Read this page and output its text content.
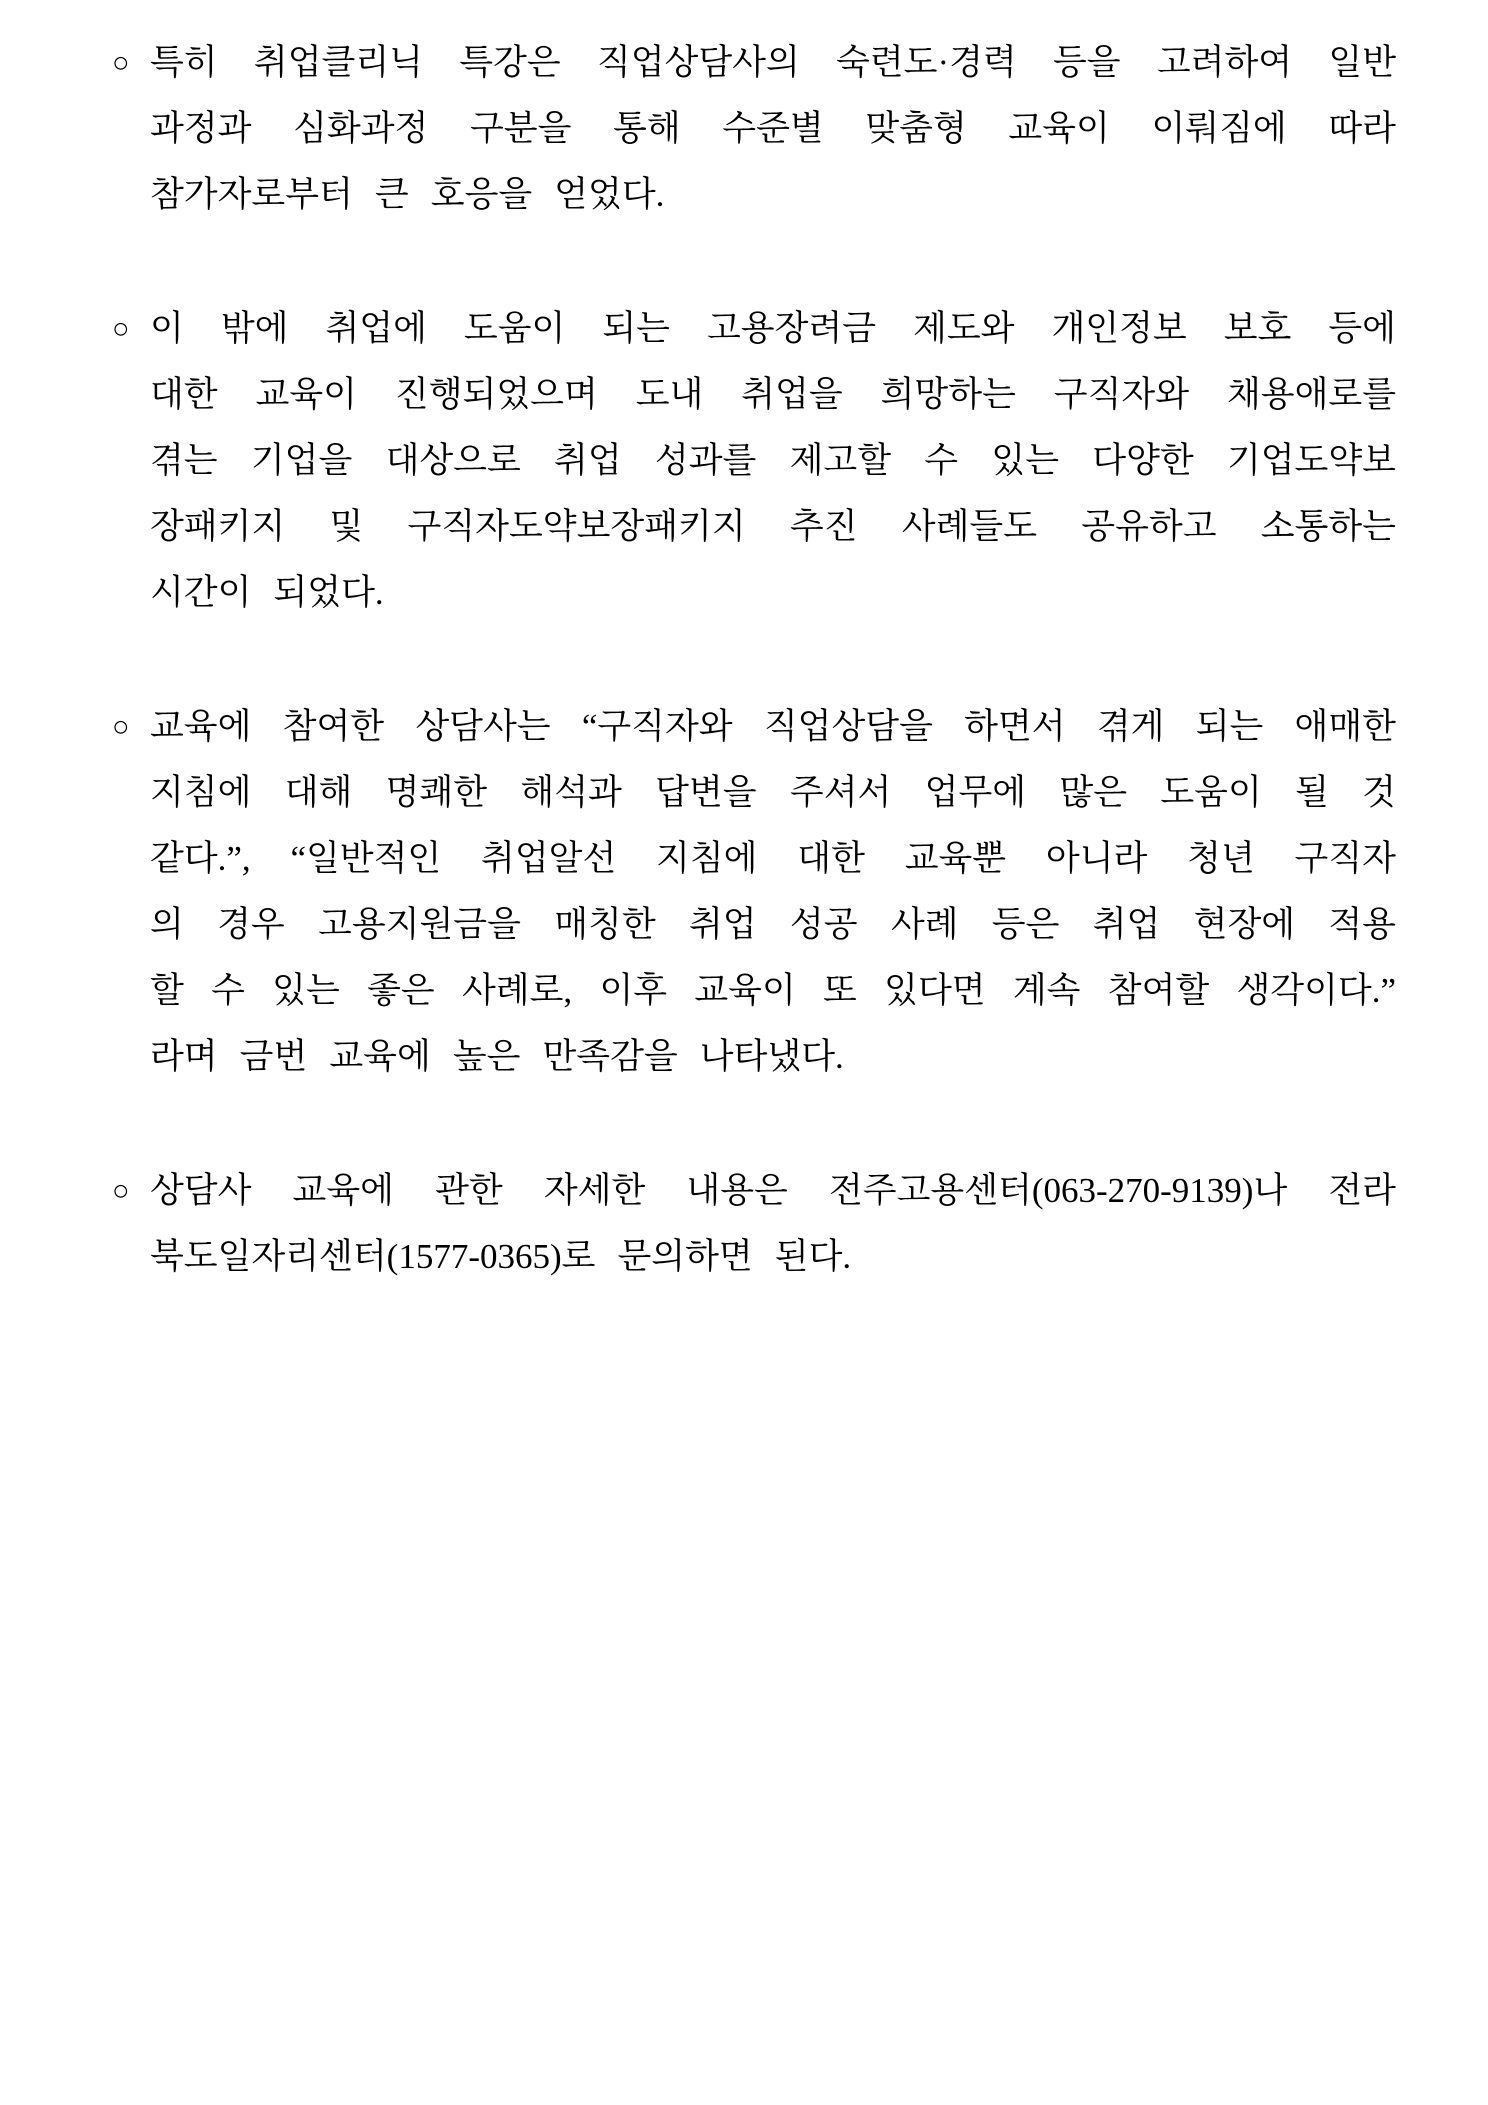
○ 특히 취업클리닉 특강은 직업상담사의 숙련도·경력 등을 고려하여 일반
과정과 심화과정 구분을 통해 수준별 맞춤형 교육이 이뤄짐에 따라
참가자로부터 큰 호응을 얻었다.
○ 이 밖에 취업에 도움이 되는 고용장려금 제도와 개인정보 보호 등에
대한 교육이 진행되었으며 도내 취업을 희망하는 구직자와 채용애로를
겪는 기업을 대상으로 취업 성과를 제고할 수 있는 다양한 기업도약보
장패키지 및 구직자도약보장패키지 추진 사례들도 공유하고 소통하는
시간이 되었다.
○ 교육에 참여한 상담사는 “구직자와 직업상담을 하면서 겪게 되는 애매한
지침에 대해 명쾌한 해석과 답변을 주셔서 업무에 많은 도움이 될 것
같다.”, “일반적인 취업알선 지침에 대한 교육뿐 아니라 청년 구직자
의 경우 고용지원금을 매칭한 취업 성공 사례 등은 취업 현장에 적용
할 수 있는 좋은 사례로, 이후 교육이 또 있다면 계속 참여할 생각이다.”
라며 금번 교육에 높은 만족감을 나타냈다.
○ 상담사 교육에 관한 자세한 내용은 전주고용센터(063-270-9139)나 전라
북도일자리센터(1577-0365)로 문의하면 된다.
